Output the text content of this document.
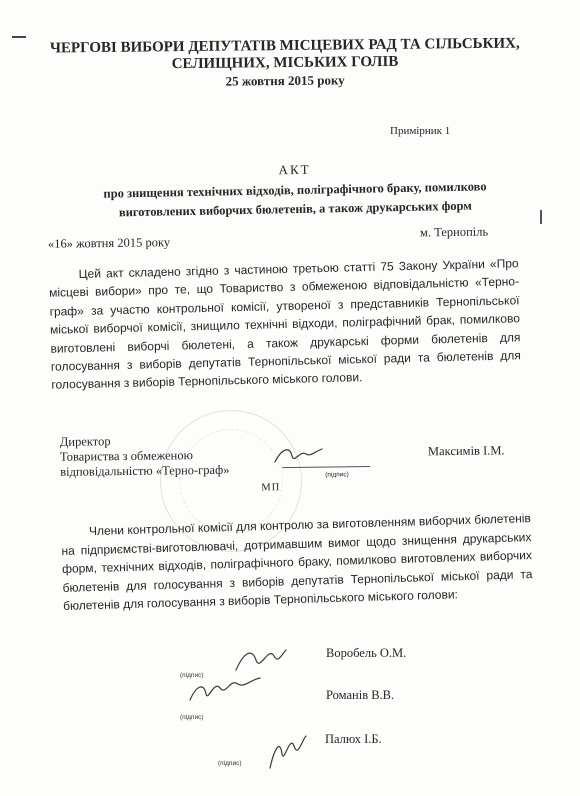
ЧЕРГОВІ ВИБОРИ ДЕПУТАТІВ МІСЦЕВИХ РАД ТА СІЛЬСЬКИХ,
СЕЛИЩНИХ, МІСЬКИХ ГОЛІВ
25 жовтня 2015 року
Примірник 1
АКТ
про знищення технічних відходів, поліграфічного браку, помилково
виготовлених виборчих бюлетенів, а також друкарських форм
м. Тернопіль
«16» жовтня 2015 року
Цей акт складено згідно з частиною третьою статті 75 Закону України «Про місцеві вибори» про те, що Товариство з обмеженою відповідальністю «Терно-граф» за участю контрольної комісії, утвореної з представників Тернопільської міської виборчої комісії, знищило технічні відходи, поліграфічний брак, помилково виготовлені виборчі бюлетені, а також друкарські форми бюлетенів для голосування з виборів депутатів Тернопільської міської ради та бюлетенів для голосування з виборів Тернопільського міського голови.
Директор
Товариства з обмеженою
відповідальністю «Терно-граф»
Максимів І.М.
(підпис)
МП
Члени контрольної комісії для контролю за виготовленням виборчих бюлетенів на підприємстві-виготовлювачі, дотримавшим вимог щодо знищення друкарських форм, технічних відходів, поліграфічного браку, помилково виготовлених виборчих бюлетенів для голосування з виборів депутатів Тернопільської міської ради та бюлетенів для голосування з виборів Тернопільського міського голови:
Воробель О.М.
(підпис)
Романів В.В.
(підпис)
Палюх І.Б.
(підпис)
